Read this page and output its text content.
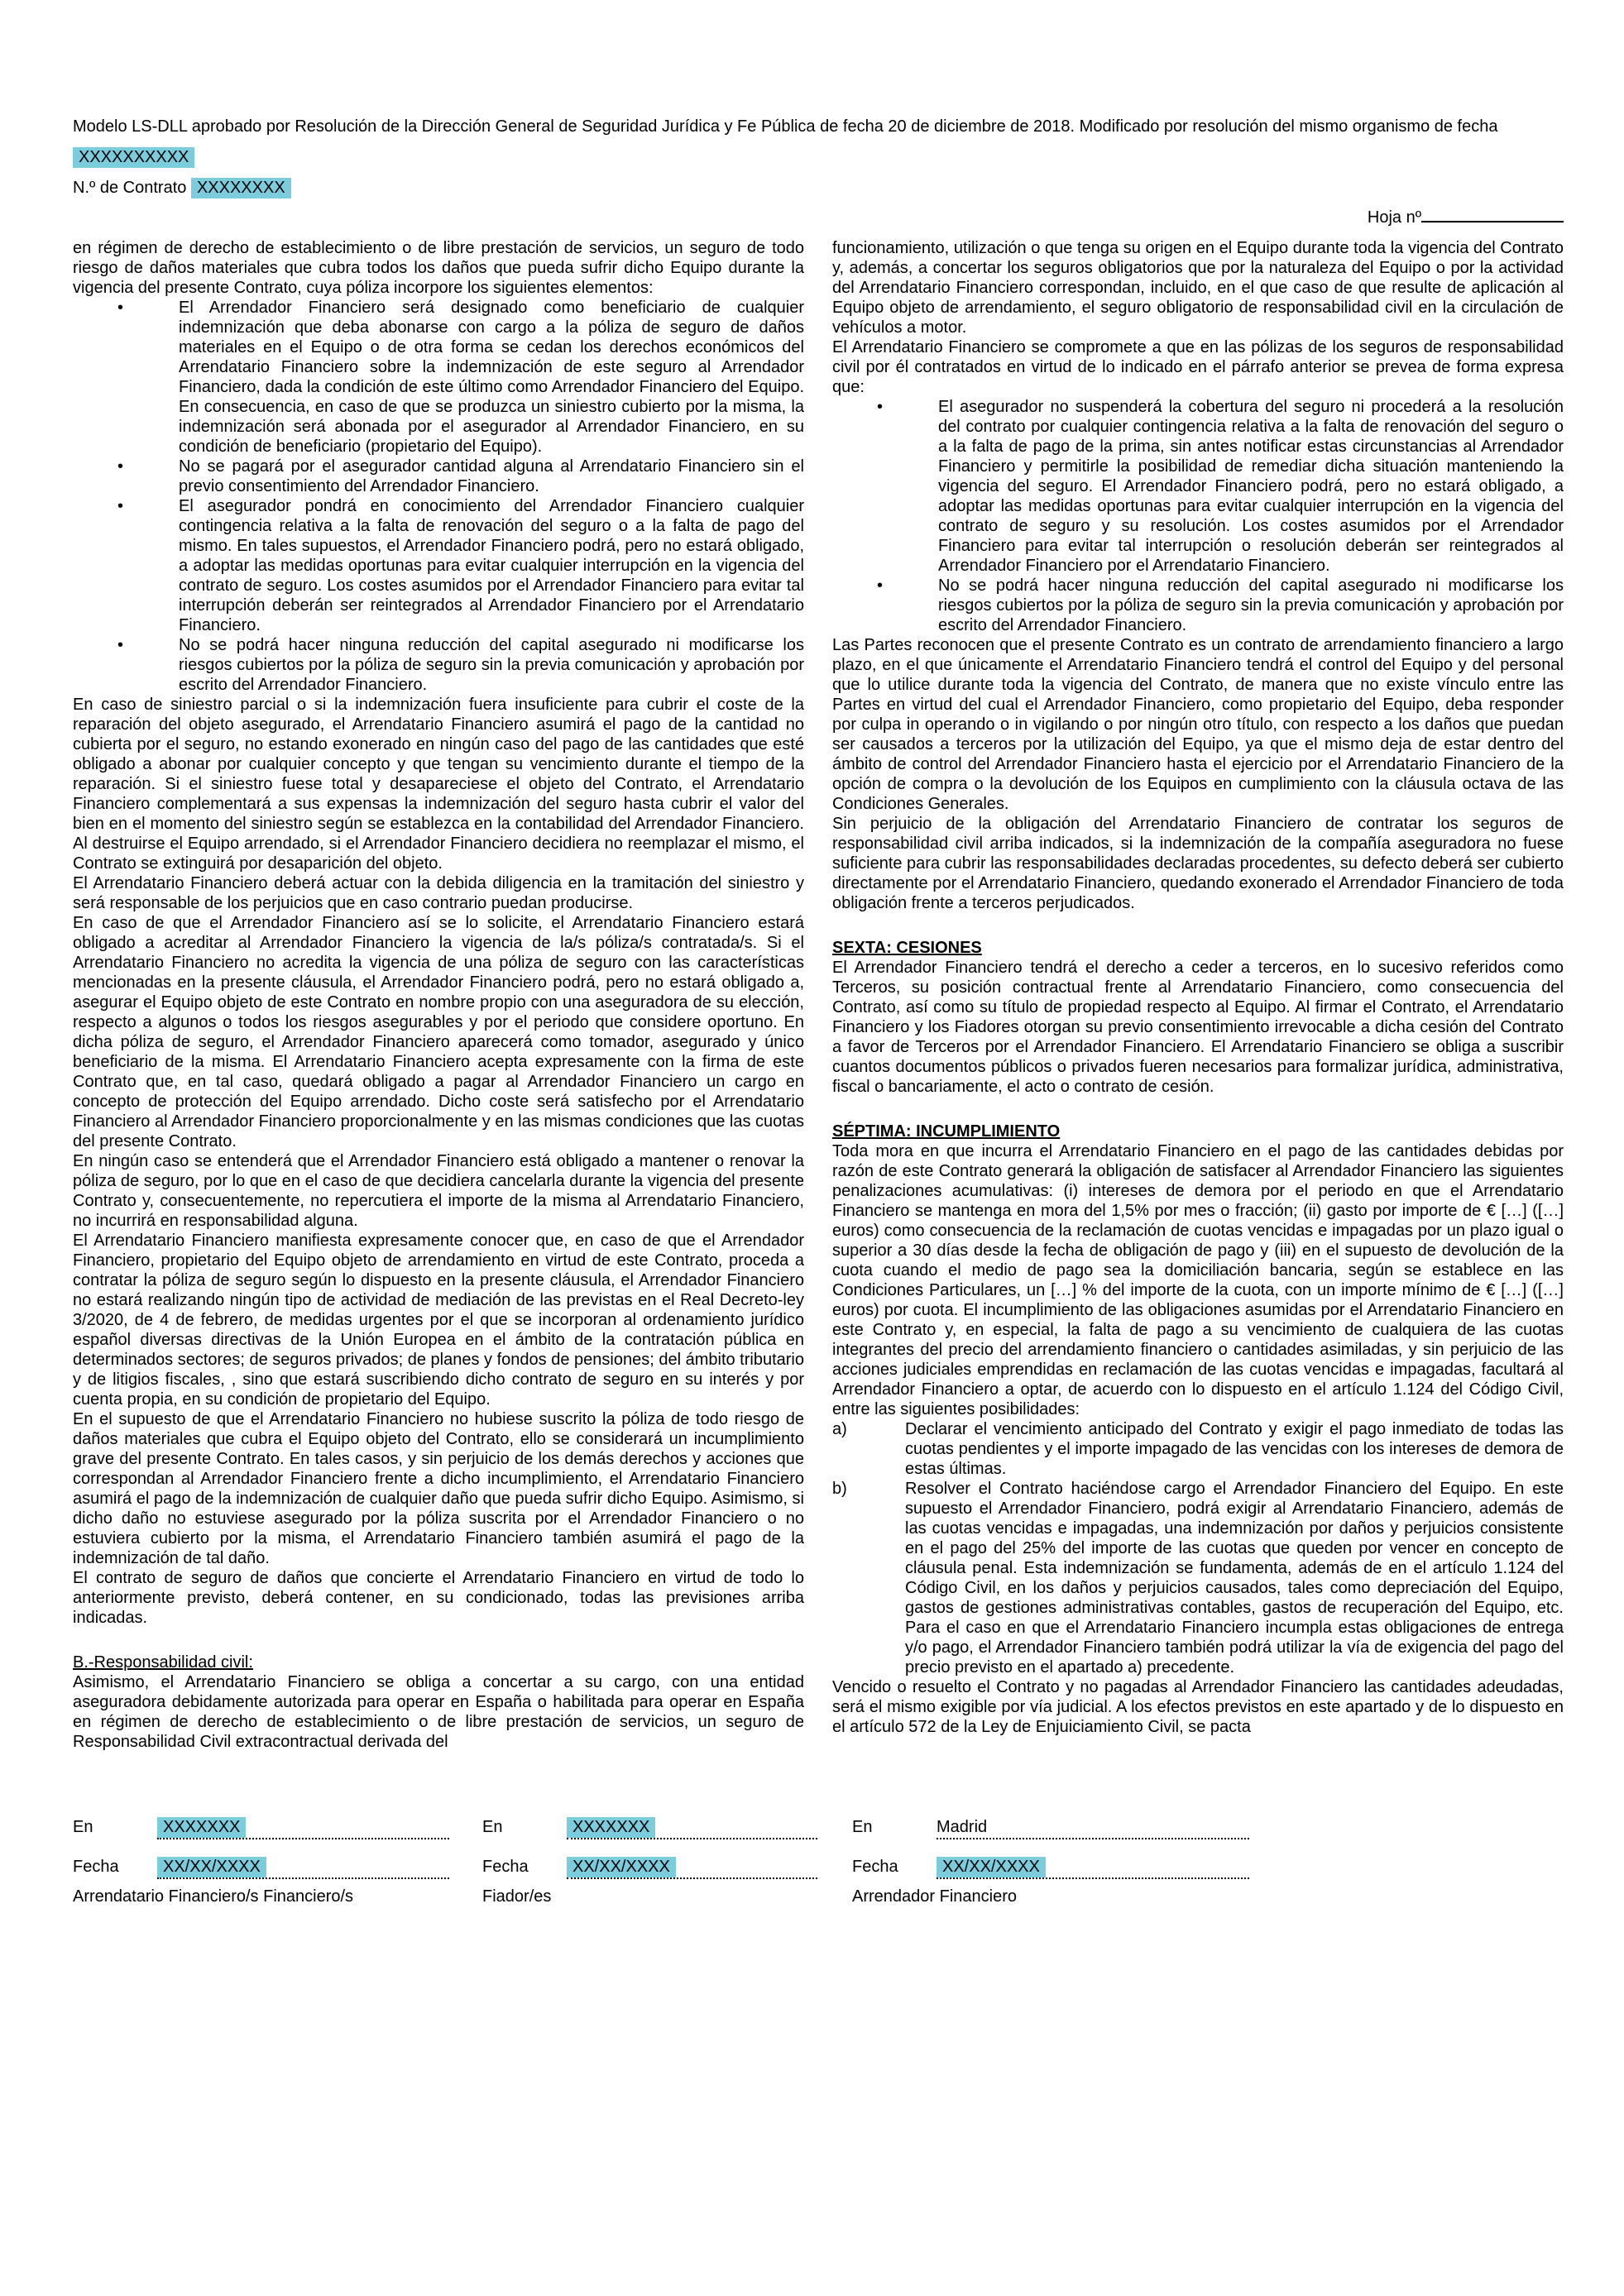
Modelo LS-DLL aprobado por Resolución de la Dirección General de Seguridad Jurídica y Fe Pública de fecha 20 de diciembre de 2018. Modificado por resolución del mismo organismo de fecha XXXXXXXXXX
N.º de Contrato XXXXXXXX
Hoja nº

en régimen de derecho de establecimiento o de libre prestación de servicios, un seguro de todo riesgo de daños materiales que cubra todos los daños que pueda sufrir dicho Equipo durante la vigencia del presente Contrato, cuya póliza incorpore los siguientes elementos:

•	El Arrendador Financiero será designado como beneficiario de cualquier indemnización que deba abonarse con cargo a la póliza de seguro de daños materiales en el Equipo o de otra forma se cedan los derechos económicos del Arrendatario Financiero sobre la indemnización de este seguro al Arrendador Financiero, dada la condición de este último como Arrendador Financiero del Equipo. En consecuencia, en caso de que se produzca un siniestro cubierto por la misma, la indemnización será abonada por el asegurador al Arrendador Financiero, en su condición de beneficiario (propietario del Equipo).
•	No se pagará por el asegurador cantidad alguna al Arrendatario Financiero sin el previo consentimiento del Arrendador Financiero.
•	El asegurador pondrá en conocimiento del Arrendador Financiero cualquier contingencia relativa a la falta de renovación del seguro o a la falta de pago del mismo. En tales supuestos, el Arrendador Financiero podrá, pero no estará obligado, a adoptar las medidas oportunas para evitar cualquier interrupción en la vigencia del contrato de seguro. Los costes asumidos por el Arrendador Financiero para evitar tal interrupción deberán ser reintegrados al Arrendador Financiero por el Arrendatario Financiero.
•	No se podrá hacer ninguna reducción del capital asegurado ni modificarse los riesgos cubiertos por la póliza de seguro sin la previa comunicación y aprobación por escrito del Arrendador Financiero.

En caso de siniestro parcial o si la indemnización fuera insuficiente para cubrir el coste de la reparación del objeto asegurado, el Arrendatario Financiero asumirá el pago de la cantidad no cubierta por el seguro, no estando exonerado en ningún caso del pago de las cantidades que esté obligado a abonar por cualquier concepto y que tengan su vencimiento durante el tiempo de la reparación. Si el siniestro fuese total y desapareciese el objeto del Contrato, el Arrendatario Financiero complementará a sus expensas la indemnización del seguro hasta cubrir el valor del bien en el momento del siniestro según se establezca en la contabilidad del Arrendador Financiero. Al destruirse el Equipo arrendado, si el Arrendador Financiero decidiera no reemplazar el mismo, el Contrato se extinguirá por desaparición del objeto.

El Arrendatario Financiero deberá actuar con la debida diligencia en la tramitación del siniestro y será responsable de los perjuicios que en caso contrario puedan producirse.

En caso de que el Arrendador Financiero así se lo solicite, el Arrendatario Financiero estará obligado a acreditar al Arrendador Financiero la vigencia de la/s póliza/s contratada/s. Si el Arrendatario Financiero no acredita la vigencia de una póliza de seguro con las características mencionadas en la presente cláusula, el Arrendador Financiero podrá, pero no estará obligado a, asegurar el Equipo objeto de este Contrato en nombre propio con una aseguradora de su elección, respecto a algunos o todos los riesgos asegurables y por el periodo que considere oportuno. En dicha póliza de seguro, el Arrendador Financiero aparecerá como tomador, asegurado y único beneficiario de la misma. El Arrendatario Financiero acepta expresamente con la firma de este Contrato que, en tal caso, quedará obligado a pagar al Arrendador Financiero un cargo en concepto de protección del Equipo arrendado. Dicho coste será satisfecho por el Arrendatario Financiero al Arrendador Financiero proporcionalmente y en las mismas condiciones que las cuotas del presente Contrato.

En ningún caso se entenderá que el Arrendador Financiero está obligado a mantener o renovar la póliza de seguro, por lo que en el caso de que decidiera cancelarla durante la vigencia del presente Contrato y, consecuentemente, no repercutiera el importe de la misma al Arrendatario Financiero, no incurrirá en responsabilidad alguna.

El Arrendatario Financiero manifiesta expresamente conocer que, en caso de que el Arrendador Financiero, propietario del Equipo objeto de arrendamiento en virtud de este Contrato, proceda a contratar la póliza de seguro según lo dispuesto en la presente cláusula, el Arrendador Financiero no estará realizando ningún tipo de actividad de mediación de las previstas en el Real Decreto-ley 3/2020, de 4 de febrero, de medidas urgentes por el que se incorporan al ordenamiento jurídico español diversas directivas de la Unión Europea en el ámbito de la contratación pública en determinados sectores; de seguros privados; de planes y fondos de pensiones; del ámbito tributario y de litigios fiscales, , sino que estará suscribiendo dicho contrato de seguro en su interés y por cuenta propia, en su condición de propietario del Equipo.

En el supuesto de que el Arrendatario Financiero no hubiese suscrito la póliza de todo riesgo de daños materiales que cubra el Equipo objeto del Contrato, ello se considerará un incumplimiento grave del presente Contrato. En tales casos, y sin perjuicio de los demás derechos y acciones que correspondan al Arrendador Financiero frente a dicho incumplimiento, el Arrendatario Financiero asumirá el pago de la indemnización de cualquier daño que pueda sufrir dicho Equipo. Asimismo, si dicho daño no estuviese asegurado por la póliza suscrita por el Arrendador Financiero o no estuviera cubierto por la misma, el Arrendatario Financiero también asumirá el pago de la indemnización de tal daño.

El contrato de seguro de daños que concierte el Arrendatario Financiero en virtud de todo lo anteriormente previsto, deberá contener, en su condicionado, todas las previsiones arriba indicadas.

B.-Responsabilidad civil:

Asimismo, el Arrendatario Financiero se obliga a concertar a su cargo, con una entidad aseguradora debidamente autorizada para operar en España o habilitada para operar en España en régimen de derecho de establecimiento o de libre prestación de servicios, un seguro de Responsabilidad Civil extracontractual derivada del

funcionamiento, utilización o que tenga su origen en el Equipo durante toda la vigencia del Contrato y, además, a concertar los seguros obligatorios que por la naturaleza del Equipo o por la actividad del Arrendatario Financiero correspondan, incluido, en el que caso de que resulte de aplicación al Equipo objeto de arrendamiento, el seguro obligatorio de responsabilidad civil en la circulación de vehículos a motor.

El Arrendatario Financiero se compromete a que en las pólizas de los seguros de responsabilidad civil por él contratados en virtud de lo indicado en el párrafo anterior se prevea de forma expresa que:

•	El asegurador no suspenderá la cobertura del seguro ni procederá a la resolución del contrato por cualquier contingencia relativa a la falta de renovación del seguro o a la falta de pago de la prima, sin antes notificar estas circunstancias al Arrendador Financiero y permitirle la posibilidad de remediar dicha situación manteniendo la vigencia del seguro. El Arrendador Financiero podrá, pero no estará obligado, a adoptar las medidas oportunas para evitar cualquier interrupción en la vigencia del contrato de seguro y su resolución. Los costes asumidos por el Arrendador Financiero para evitar tal interrupción o resolución deberán ser reintegrados al Arrendador Financiero por el Arrendatario Financiero.
•	No se podrá hacer ninguna reducción del capital asegurado ni modificarse los riesgos cubiertos por la póliza de seguro sin la previa comunicación y aprobación por escrito del Arrendador Financiero.

Las Partes reconocen que el presente Contrato es un contrato de arrendamiento financiero a largo plazo, en el que únicamente el Arrendatario Financiero tendrá el control del Equipo y del personal que lo utilice durante toda la vigencia del Contrato, de manera que no existe vínculo entre las Partes en virtud del cual el Arrendador Financiero, como propietario del Equipo, deba responder por culpa in operando o in vigilando o por ningún otro título, con respecto a los daños que puedan ser causados a terceros por la utilización del Equipo, ya que el mismo deja de estar dentro del ámbito de control del Arrendador Financiero hasta el ejercicio por el Arrendatario Financiero de la opción de compra o la devolución de los Equipos en cumplimiento con la cláusula octava de las Condiciones Generales.

Sin perjuicio de la obligación del Arrendatario Financiero de contratar los seguros de responsabilidad civil arriba indicados, si la indemnización de la compañía aseguradora no fuese suficiente para cubrir las responsabilidades declaradas procedentes, su defecto deberá ser cubierto directamente por el Arrendatario Financiero, quedando exonerado el Arrendador Financiero de toda obligación frente a terceros perjudicados.

SEXTA: CESIONES

El Arrendador Financiero tendrá el derecho a ceder a terceros, en lo sucesivo referidos como Terceros, su posición contractual frente al Arrendatario Financiero, como consecuencia del Contrato, así como su título de propiedad respecto al Equipo. Al firmar el Contrato, el Arrendatario Financiero y los Fiadores otorgan su previo consentimiento irrevocable a dicha cesión del Contrato a favor de Terceros por el Arrendador Financiero. El Arrendatario Financiero se obliga a suscribir cuantos documentos públicos o privados fueren necesarios para formalizar jurídica, administrativa, fiscal o bancariamente, el acto o contrato de cesión.

SÉPTIMA: INCUMPLIMIENTO

Toda mora en que incurra el Arrendatario Financiero en el pago de las cantidades debidas por razón de este Contrato generará la obligación de satisfacer al Arrendador Financiero las siguientes penalizaciones acumulativas: (i) intereses de demora por el periodo en que el Arrendatario Financiero se mantenga en mora del 1,5% por mes o fracción; (ii) gasto por importe de € […] ([…] euros) como consecuencia de la reclamación de cuotas vencidas e impagadas por un plazo igual o superior a 30 días desde la fecha de obligación de pago y (iii) en el supuesto de devolución de la cuota cuando el medio de pago sea la domiciliación bancaria, según se establece en las Condiciones Particulares, un […] % del importe de la cuota, con un importe mínimo de € […] ([…] euros) por cuota. El incumplimiento de las obligaciones asumidas por el Arrendatario Financiero en este Contrato y, en especial, la falta de pago a su vencimiento de cualquiera de las cuotas integrantes del precio del arrendamiento financiero o cantidades asimiladas, y sin perjuicio de las acciones judiciales emprendidas en reclamación de las cuotas vencidas e impagadas, facultará al Arrendador Financiero a optar, de acuerdo con lo dispuesto en el artículo 1.124 del Código Civil, entre las siguientes posibilidades:

a)	Declarar el vencimiento anticipado del Contrato y exigir el pago inmediato de todas las cuotas pendientes y el importe impagado de las vencidas con los intereses de demora de estas últimas.
b)	Resolver el Contrato haciéndose cargo el Arrendador Financiero del Equipo. En este supuesto el Arrendador Financiero, podrá exigir al Arrendatario Financiero, además de las cuotas vencidas e impagadas, una indemnización por daños y perjuicios consistente en el pago del 25% del importe de las cuotas que queden por vencer en concepto de cláusula penal. Esta indemnización se fundamenta, además de en el artículo 1.124 del Código Civil, en los daños y perjuicios causados, tales como depreciación del Equipo, gastos de gestiones administrativas contables, gastos de recuperación del Equipo, etc. Para el caso en que el Arrendatario Financiero incumpla estas obligaciones de entrega y/o pago, el Arrendador Financiero también podrá utilizar la vía de exigencia del pago del precio previsto en el apartado a) precedente.

Vencido o resuelto el Contrato y no pagadas al Arrendador Financiero las cantidades adeudadas, será el mismo exigible por vía judicial. A los efectos previstos en este apartado y de lo dispuesto en el artículo 572 de la Ley de Enjuiciamiento Civil, se pacta

En	XXXXXXX
Fecha	XX/XX/XXXX
Arrendatario Financiero/s Financiero/s
En	XXXXXXX
Fecha	XX/XX/XXXX
Fiador/es
En	Madrid
Fecha	XX/XX/XXXX
Arrendador Financiero
